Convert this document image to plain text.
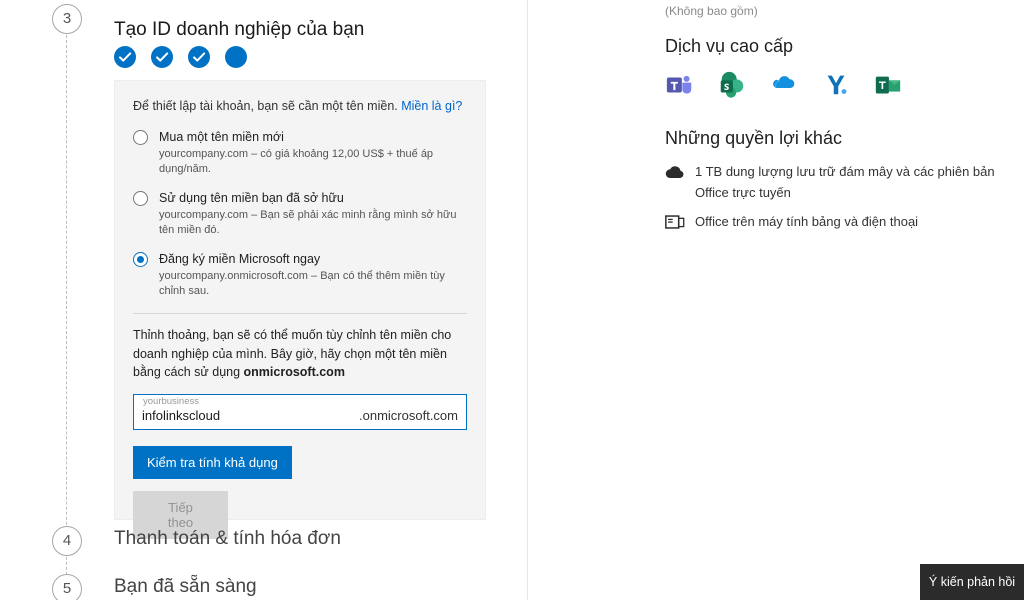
3
Tạo ID doanh nghiệp của bạn

Để thiết lập tài khoản, bạn sẽ cần một tên miền. Miền là gì?

Mua một tên miền mới
yourcompany.com – có giá khoảng 12,00 US$ + thuế áp dụng/năm.
Sử dụng tên miền bạn đã sở hữu
yourcompany.com – Bạn sẽ phải xác minh rằng mình sở hữu tên miền đó.
Đăng ký miền Microsoft ngay
yourcompany.onmicrosoft.com – Bạn có thể thêm miền tùy chỉnh sau.

Thỉnh thoảng, bạn sẽ có thể muốn tùy chỉnh tên miền cho doanh nghiệp của mình. Bây giờ, hãy chọn một tên miền bằng cách sử dụng onmicrosoft.com

yourbusiness
infolinkscloud
.onmicrosoft.com
Kiểm tra tính khả dụng
Tiếp theo
4	Thanh toán & tính hóa đơn
5	Bạn đã sẵn sàng
(Không bao gồm)
Dịch vụ cao cấp
Những quyền lợi khác
1 TB dung lượng lưu trữ đám mây và các phiên bản Office trực tuyến
Office trên máy tính bảng và điện thoại
Ý kiến phản hồi
